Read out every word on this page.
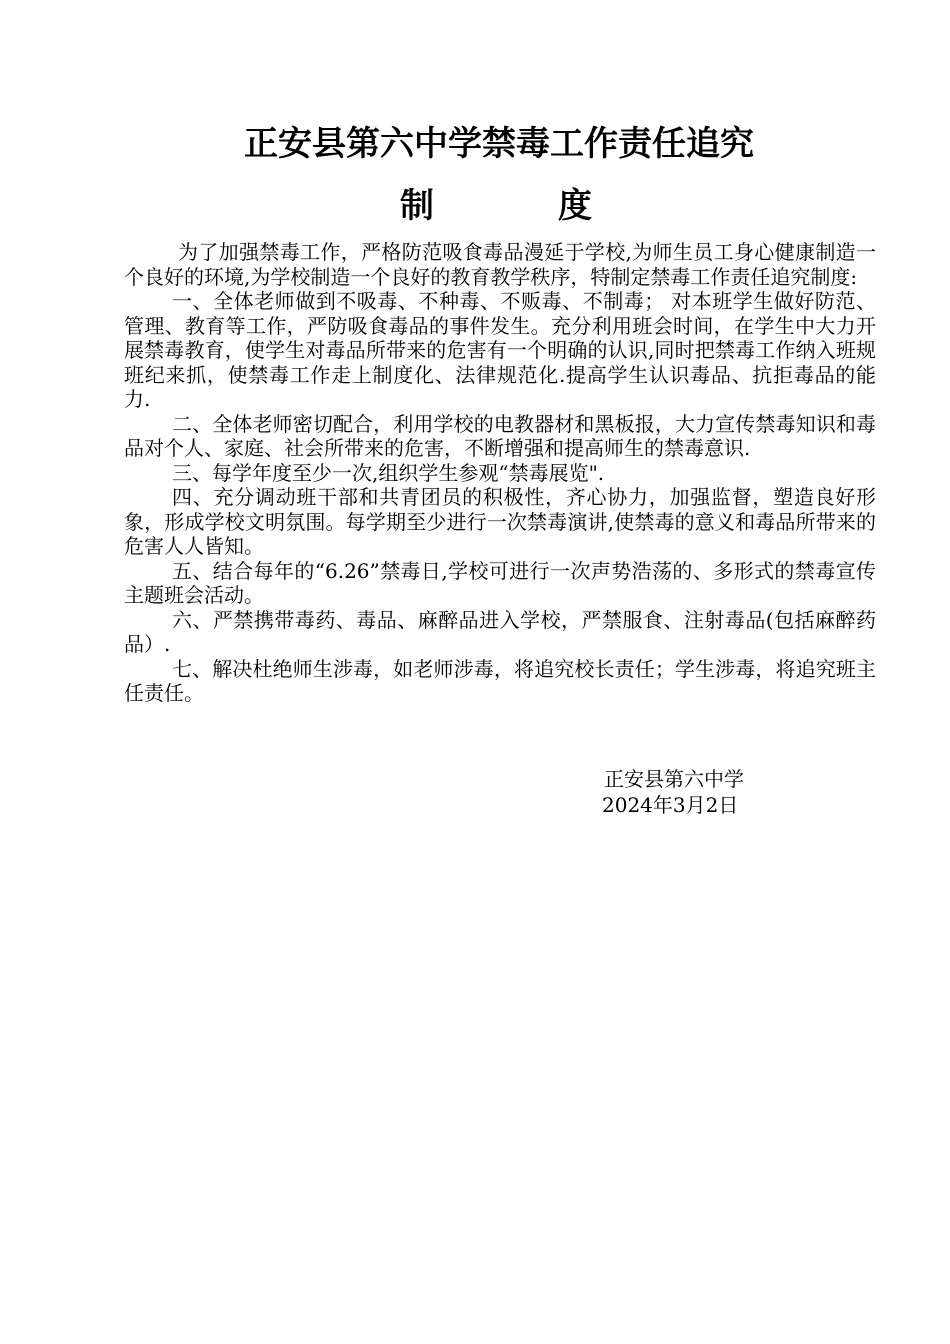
正安县第六中学禁毒工作责任追究
制	度

为了加强禁毒工作，严格防范吸食毒品漫延于学校,为师生员工身心健康制造一个良好的环境,为学校制造一个良好的教育教学秩序，特制定禁毒工作责任追究制度:

一、全体老师做到不吸毒、不种毒、不贩毒、不制毒； 对本班学生做好防范、管理、教育等工作，严防吸食毒品的事件发生。充分利用班会时间，在学生中大力开展禁毒教育，使学生对毒品所带来的危害有一个明确的认识,同时把禁毒工作纳入班规班纪来抓，使禁毒工作走上制度化、法律规范化.提高学生认识毒品、抗拒毒品的能力.

二、全体老师密切配合，利用学校的电教器材和黑板报，大力宣传禁毒知识和毒品对个人、家庭、社会所带来的危害，不断增强和提高师生的禁毒意识.

三、每学年度至少一次,组织学生参观“禁毒展览".

四、充分调动班干部和共青团员的积极性，齐心协力，加强监督，塑造良好形象，形成学校文明氛围。每学期至少进行一次禁毒演讲,使禁毒的意义和毒品所带来的危害人人皆知。

五、结合每年的“6.26”禁毒日,学校可进行一次声势浩荡的、多形式的禁毒宣传主题班会活动。

六、严禁携带毒药、毒品、麻醉品进入学校，严禁服食、注射毒品(包括麻醉药品）.

七、解决杜绝师生涉毒，如老师涉毒，将追究校长责任；学生涉毒，将追究班主任责任。

正安县第六中学
2024年3月2日
